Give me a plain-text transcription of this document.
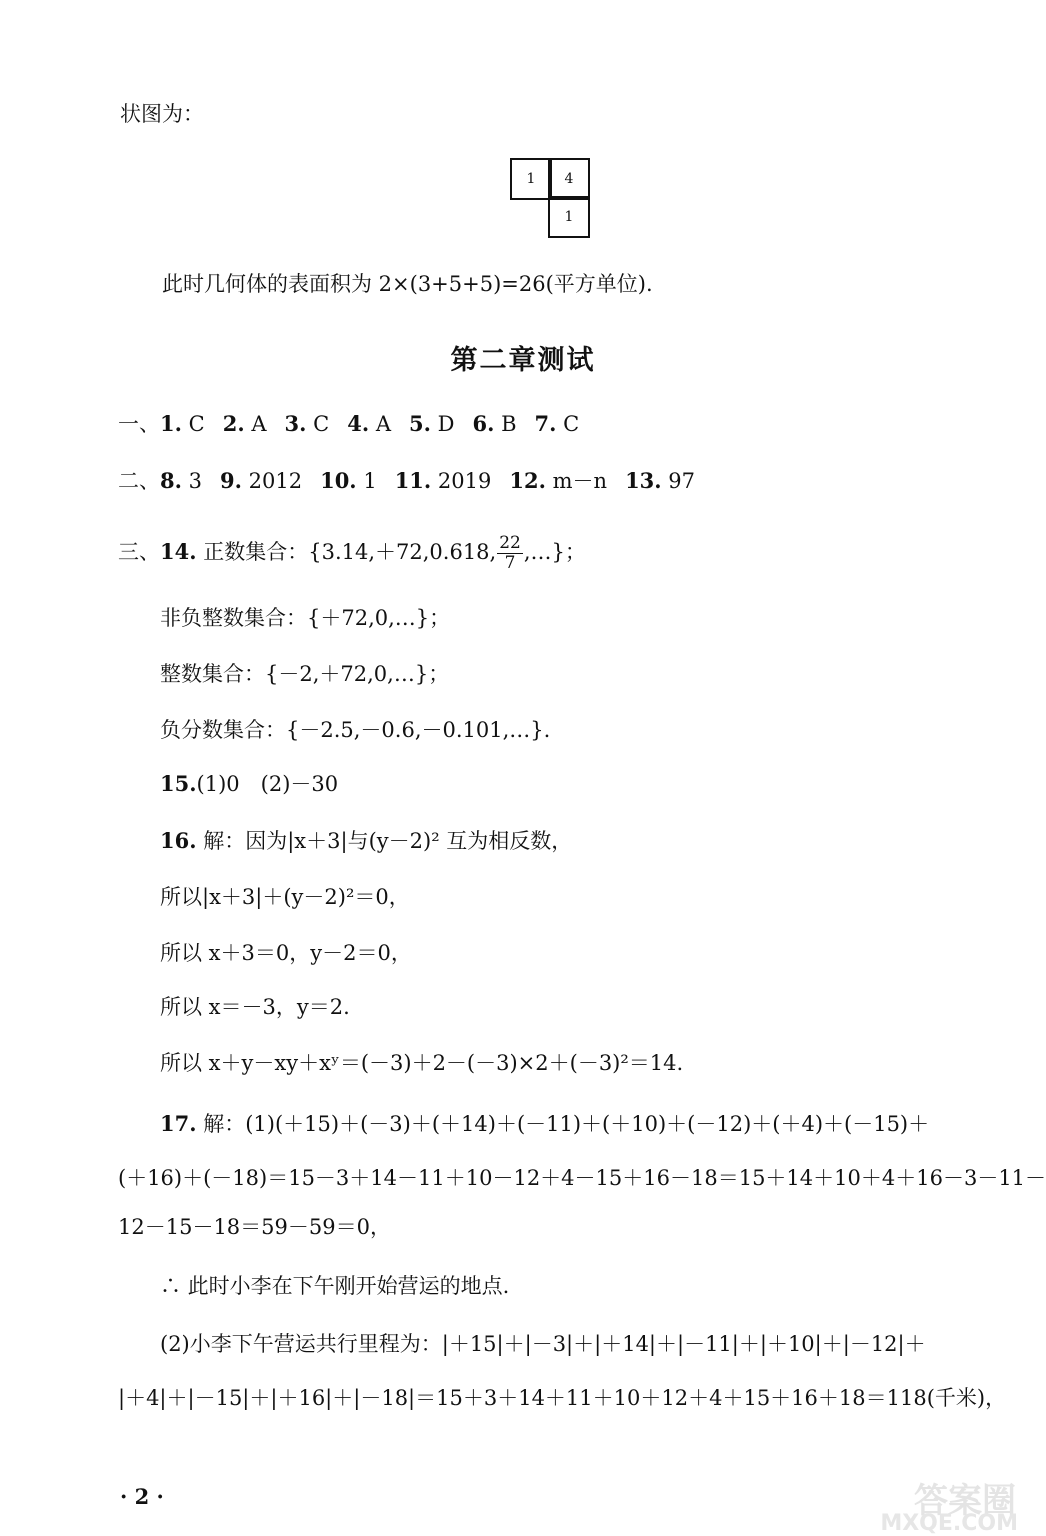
状图为：
1	4
1
此时几何体的表面积为 2×(3+5+5)=26(平方单位).
第二章测试
一、1. C 2. A 3. C 4. A 5. D 6. B 7. C
二、8. 3 9. 2012 10. 1 11. 2019 12. m－n 13. 97
三、14. 正数集合：{3.14,＋72,0.618, $\frac{22}{7}$ ,…}；
非负整数集合：{＋72,0,…}；
整数集合：{－2,＋72,0,…}；
负分数集合：{－2.5,－0.6,－0.101,…}.
15.(1)0　(2)－30
16. 解：因为|x＋3|与(y－2)² 互为相反数，
所以|x＋3|＋(y－2)²＝0，
所以 x＋3＝0，y－2＝0，
所以 x＝－3，y＝2.
所以 x＋y－xy＋xʸ＝(－3)＋2－(－3)×2＋(－3)²＝14.
17. 解：(1)(＋15)＋(－3)＋(＋14)＋(－11)＋(＋10)＋(－12)＋(＋4)＋(－15)＋
(＋16)＋(－18)＝15－3＋14－11＋10－12＋4－15＋16－18＝15＋14＋10＋4＋16－3－11－
12－15－18＝59－59＝0，
∴ 此时小李在下午刚开始营运的地点.
(2)小李下午营运共行里程为：|＋15|＋|－3|＋|＋14|＋|－11|＋|＋10|＋|－12|＋
|＋4|＋|－15|＋|＋16|＋|－18|＝15＋3＋14＋11＋10＋12＋4＋15＋16＋18＝118(千米)，
· 2 ·	答案圈
MXQE.COM
